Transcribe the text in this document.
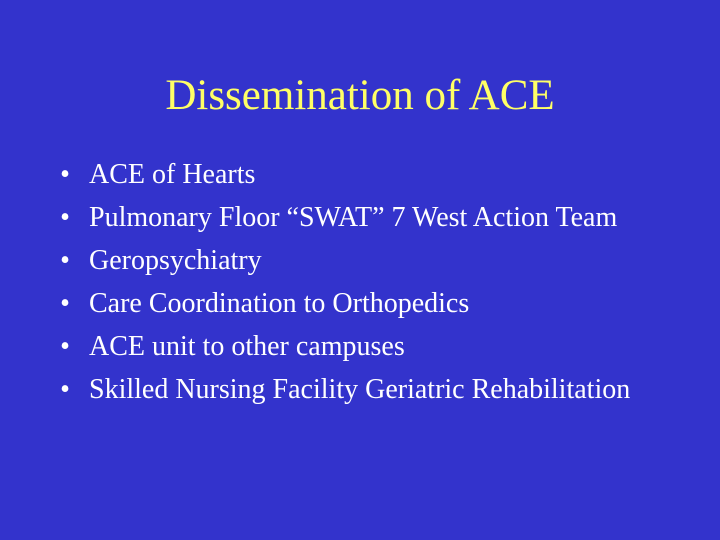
Dissemination of ACE
• ACE of Hearts
• Pulmonary Floor “SWAT” 7 West Action Team
• Geropsychiatry
• Care Coordination to Orthopedics
• ACE unit to other campuses
• Skilled Nursing Facility Geriatric Rehabilitation
